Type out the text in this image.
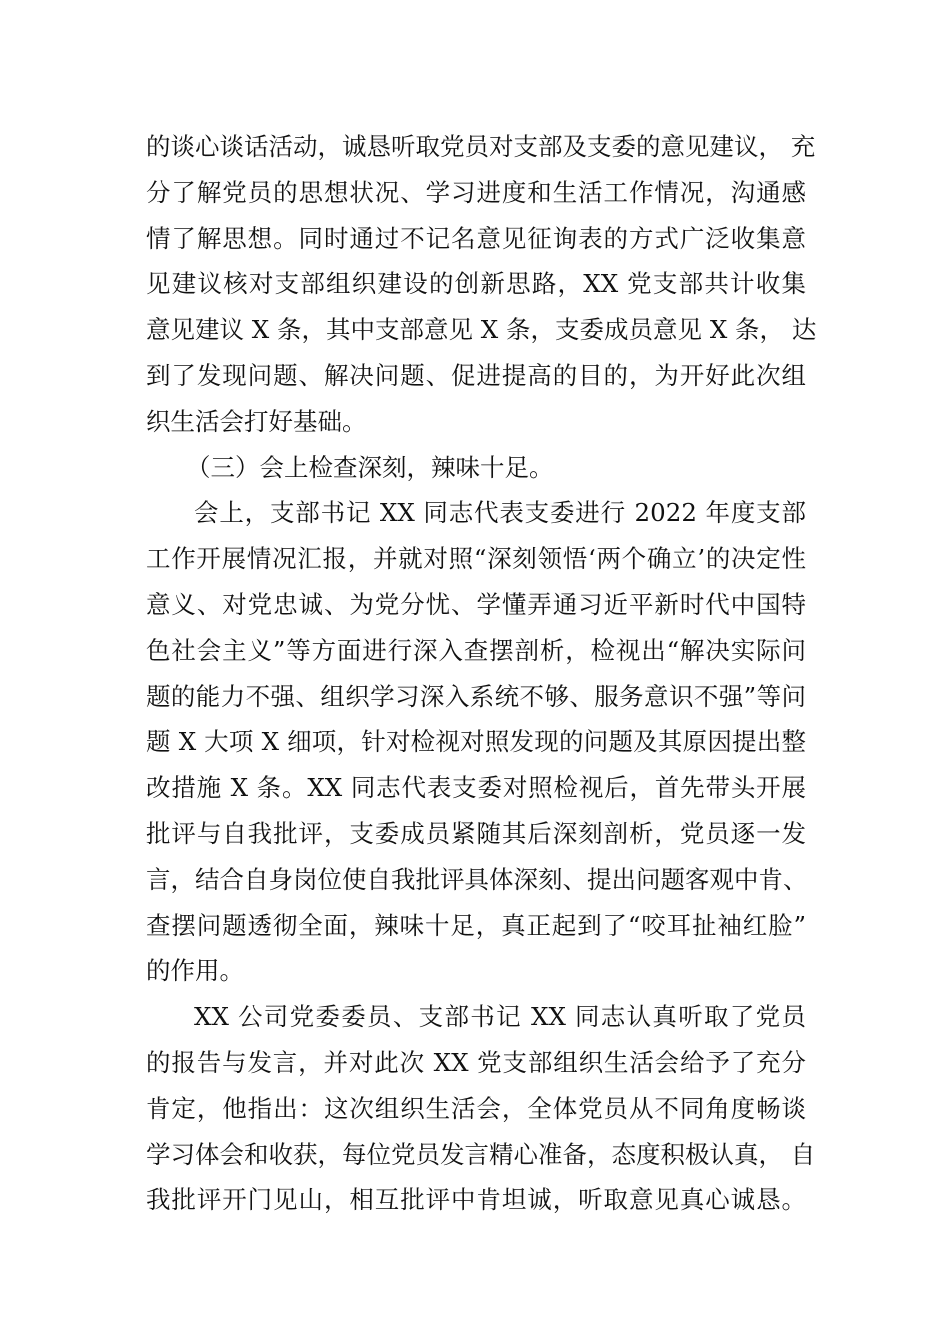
的谈心谈话活动，诚恳听取党员对支部及支委的意见建议， 充
分了解党员的思想状况、学习进度和生活工作情况，沟通感
情了解思想。同时通过不记名意见征询表的方式广泛收集意
见建议核对支部组织建设的创新思路，XX 党支部共计收集
意见建议 X 条，其中支部意见 X 条，支委成员意见 X 条， 达
到了发现问题、解决问题、促进提高的目的，为开好此次组
织生活会打好基础。
（三）会上检查深刻，辣味十足。
会上，支部书记 XX 同志代表支委进行 2022 年度支部
工作开展情况汇报，并就对照“深刻领悟‘两个确立’的决定性
意义、对党忠诚、为党分忧、学懂弄通习近平新时代中国特
色社会主义”等方面进行深入查摆剖析，检视出“解决实际问
题的能力不强、组织学习深入系统不够、服务意识不强”等问
题 X 大项 X 细项，针对检视对照发现的问题及其原因提出整
改措施 X 条。XX 同志代表支委对照检视后，首先带头开展
批评与自我批评，支委成员紧随其后深刻剖析，党员逐一发
言，结合自身岗位使自我批评具体深刻、提出问题客观中肯、
查摆问题透彻全面，辣味十足，真正起到了“咬耳扯袖红脸”
的作用。
XX 公司党委委员、支部书记 XX 同志认真听取了党员
的报告与发言，并对此次 XX 党支部组织生活会给予了充分
肯定，他指出：这次组织生活会，全体党员从不同角度畅谈
学习体会和收获，每位党员发言精心准备，态度积极认真， 自
我批评开门见山，相互批评中肯坦诚，听取意见真心诚恳。
